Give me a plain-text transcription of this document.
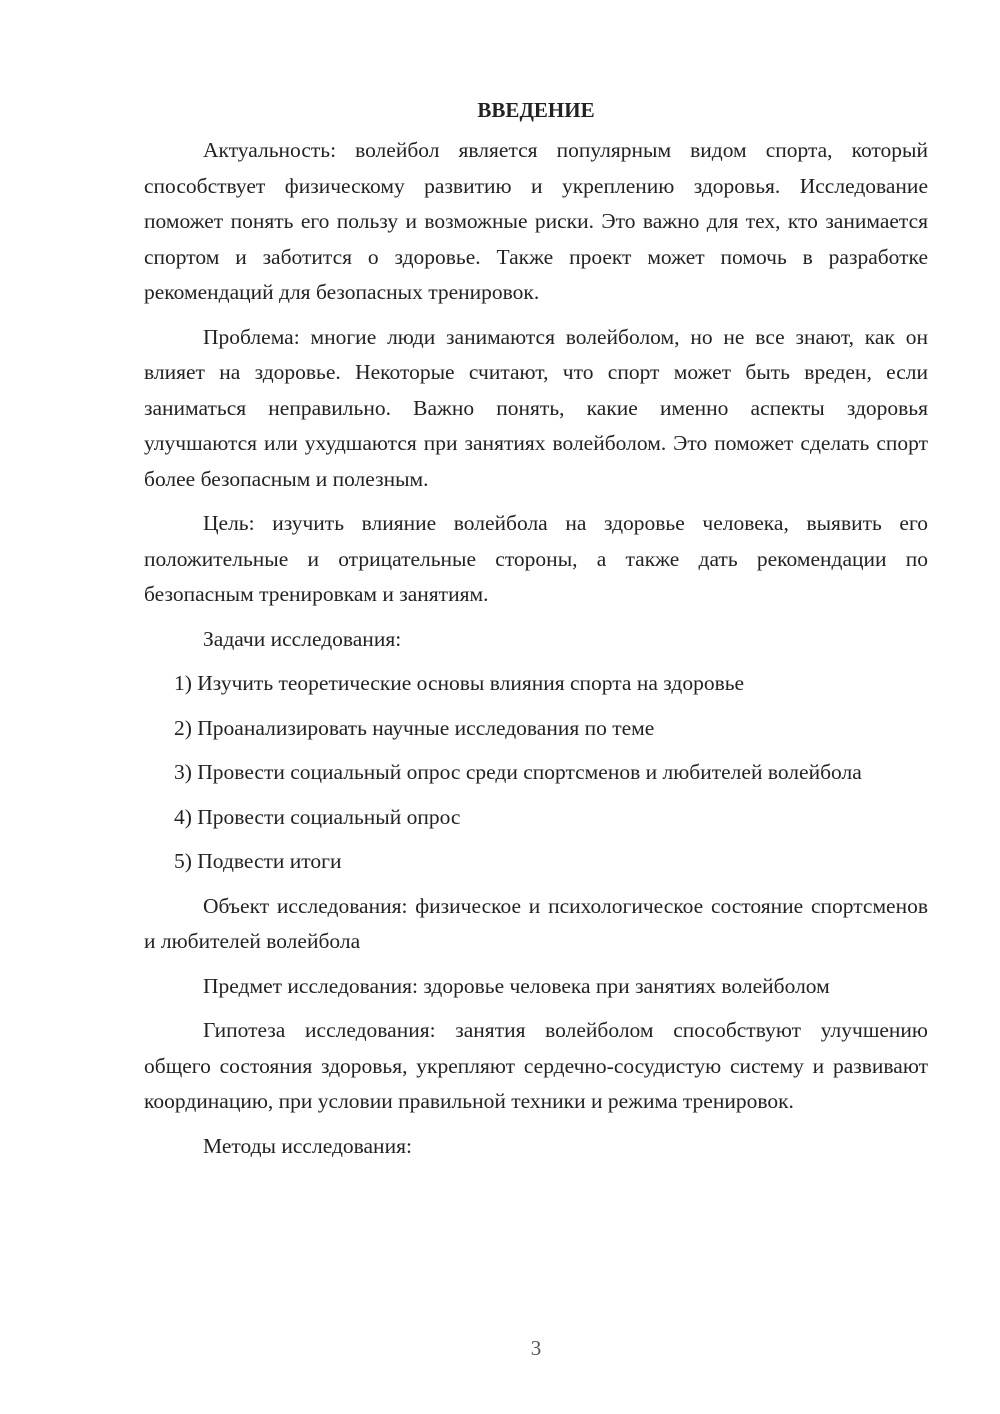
ВВЕДЕНИЕ

Актуальность: волейбол является популярным видом спорта, который способствует физическому развитию и укреплению здоровья. Исследование поможет понять его пользу и возможные риски. Это важно для тех, кто занимается спортом и заботится о здоровье. Также проект может помочь в разработке рекомендаций для безопасных тренировок.

Проблема: многие люди занимаются волейболом, но не все знают, как он влияет на здоровье. Некоторые считают, что спорт может быть вреден, если заниматься неправильно. Важно понять, какие именно аспекты здоровья улучшаются или ухудшаются при занятиях волейболом. Это поможет сделать спорт более безопасным и полезным.

Цель: изучить влияние волейбола на здоровье человека, выявить его положительные и отрицательные стороны, а также дать рекомендации по безопасным тренировкам и занятиям.

Задачи исследования:

1) Изучить теоретические основы влияния спорта на здоровье

2) Проанализировать научные исследования по теме

3) Провести социальный опрос среди спортсменов и любителей волейбола

4) Провести социальный опрос

5) Подвести итоги

Объект исследования: физическое и психологическое состояние спортсменов и любителей волейбола

Предмет исследования: здоровье человека при занятиях волейболом

Гипотеза исследования: занятия волейболом способствуют улучшению общего состояния здоровья, укрепляют сердечно-сосудистую систему и развивают координацию, при условии правильной техники и режима тренировок.

Методы исследования:

3
